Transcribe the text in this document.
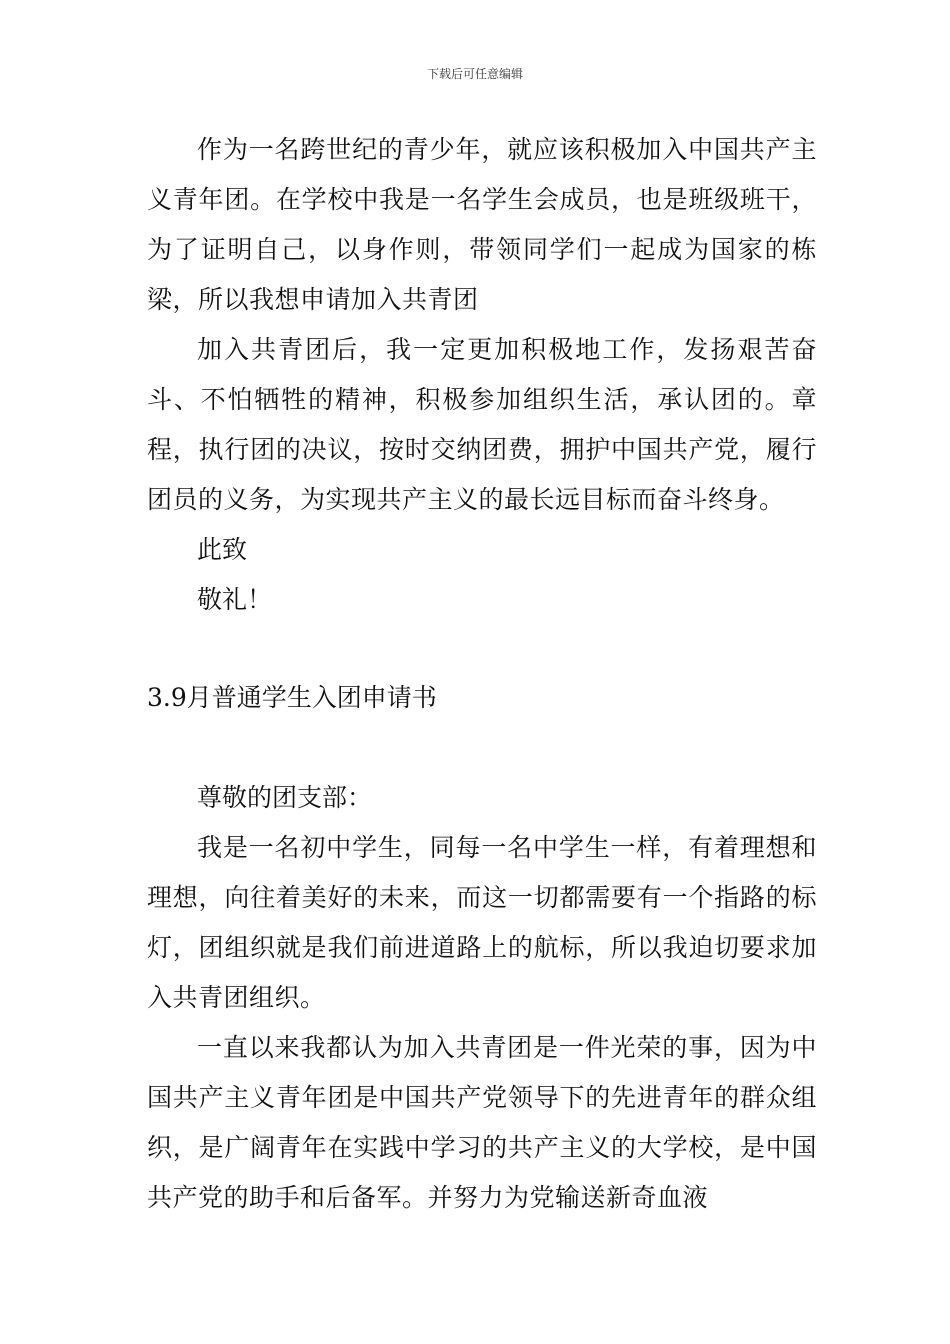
下载后可任意编辑

作为一名跨世纪的青少年，就应该积极加入中国共产主义青年团。在学校中我是一名学生会成员，也是班级班干，为了证明自己，以身作则，带领同学们一起成为国家的栋梁，所以我想申请加入共青团

加入共青团后，我一定更加积极地工作，发扬艰苦奋斗、不怕牺牲的精神，积极参加组织生活，承认团的。章程，执行团的决议，按时交纳团费，拥护中国共产党，履行团员的义务，为实现共产主义的最长远目标而奋斗终身。

此致

敬礼！

3.9月普通学生入团申请书

尊敬的团支部：

我是一名初中学生，同每一名中学生一样，有着理想和理想，向往着美好的未来，而这一切都需要有一个指路的标灯，团组织就是我们前进道路上的航标，所以我迫切要求加入共青团组织。

一直以来我都认为加入共青团是一件光荣的事，因为中国共产主义青年团是中国共产党领导下的先进青年的群众组织，是广阔青年在实践中学习的共产主义的大学校，是中国共产党的助手和后备军。并努力为党输送新奇血液
